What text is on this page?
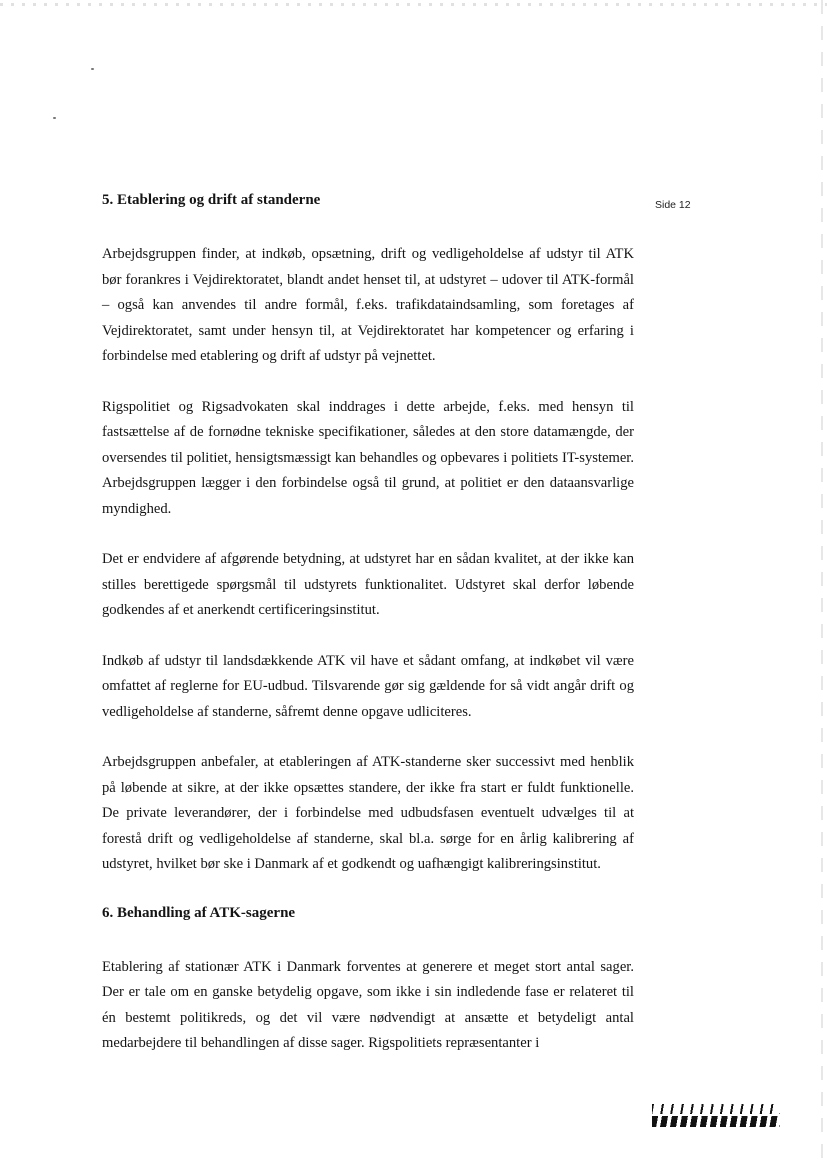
Side 12
5. Etablering og drift af standerne

Arbejdsgruppen finder, at indkøb, opsætning, drift og vedligeholdelse af udstyr til ATK bør forankres i Vejdirektoratet, blandt andet henset til, at udstyret – udover til ATK-formål – også kan anvendes til andre formål, f.eks. trafikdataindsamling, som foretages af Vejdirektoratet, samt under hensyn til, at Vejdirektoratet har kompetencer og erfaring i forbindelse med etablering og drift af udstyr på vejnettet.

Rigspolitiet og Rigsadvokaten skal inddrages i dette arbejde, f.eks. med hensyn til fastsættelse af de fornødne tekniske specifikationer, således at den store datamængde, der oversendes til politiet, hensigtsmæssigt kan behandles og opbevares i politiets IT-systemer. Arbejdsgruppen lægger i den forbindelse også til grund, at politiet er den dataansvarlige myndighed.

Det er endvidere af afgørende betydning, at udstyret har en sådan kvalitet, at der ikke kan stilles berettigede spørgsmål til udstyrets funktionalitet. Udstyret skal derfor løbende godkendes af et anerkendt certificeringsinstitut.

Indkøb af udstyr til landsdækkende ATK vil have et sådant omfang, at indkøbet vil være omfattet af reglerne for EU-udbud. Tilsvarende gør sig gældende for så vidt angår drift og vedligeholdelse af standerne, såfremt denne opgave udliciteres.

Arbejdsgruppen anbefaler, at etableringen af ATK-standerne sker successivt med henblik på løbende at sikre, at der ikke opsættes standere, der ikke fra start er fuldt funktionelle. De private leverandører, der i forbindelse med udbudsfasen eventuelt udvælges til at forestå drift og vedligeholdelse af standerne, skal bl.a. sørge for en årlig kalibrering af udstyret, hvilket bør ske i Danmark af et godkendt og uafhængigt kalibreringsinstitut.

6. Behandling af ATK-sagerne

Etablering af stationær ATK i Danmark forventes at generere et meget stort antal sager. Der er tale om en ganske betydelig opgave, som ikke i sin indledende fase er relateret til én bestemt politikreds, og det vil være nødvendigt at ansætte et betydeligt antal medarbejdere til behandlingen af disse sager. Rigspolitiets repræsentanter i
